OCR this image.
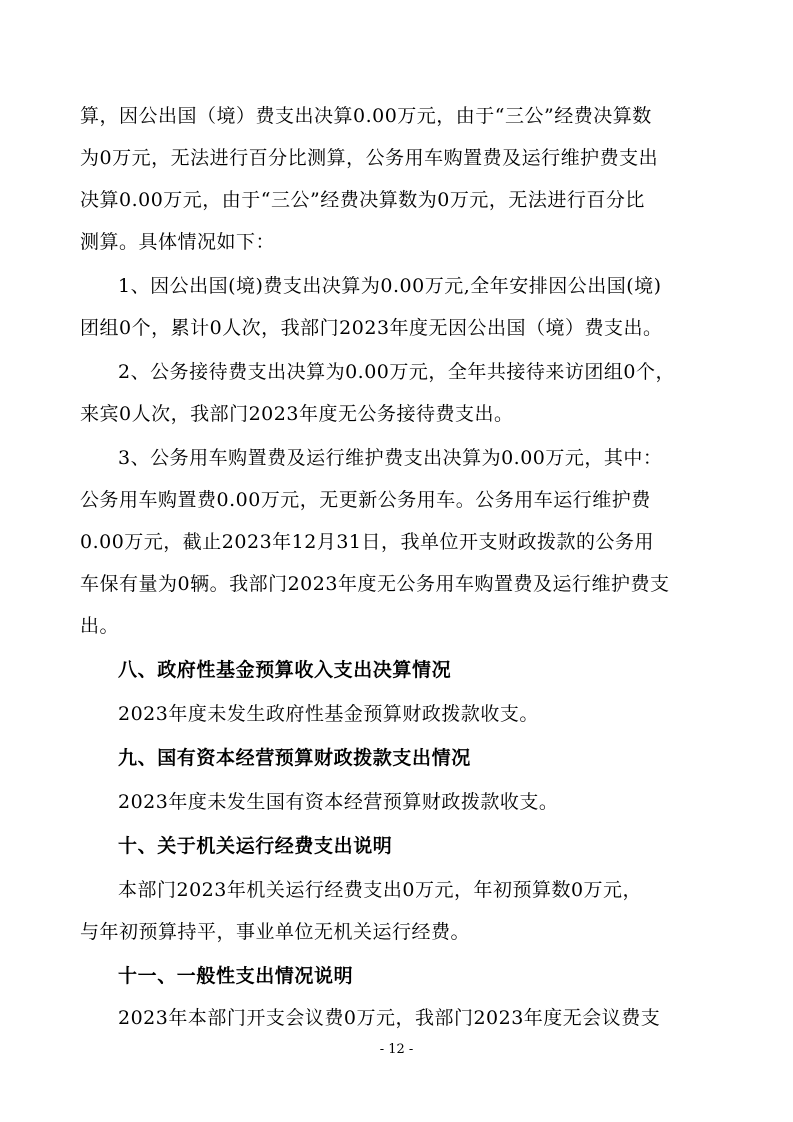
算，因公出国（境）费支出决算0.00万元，由于“三公”经费决算数
为0万元，无法进行百分比测算，公务用车购置费及运行维护费支出
决算0.00万元，由于“三公”经费决算数为0万元，无法进行百分比
测算。具体情况如下：
1、因公出国(境)费支出决算为0.00万元,全年安排因公出国(境)
团组0个，累计0人次，我部门2023年度无因公出国（境）费支出。
2、公务接待费支出决算为0.00万元，全年共接待来访团组0个，
来宾0人次，我部门2023年度无公务接待费支出。
3、公务用车购置费及运行维护费支出决算为0.00万元，其中：
公务用车购置费0.00万元，无更新公务用车。公务用车运行维护费
0.00万元，截止2023年12月31日，我单位开支财政拨款的公务用
车保有量为0辆。我部门2023年度无公务用车购置费及运行维护费支
出。
八、政府性基金预算收入支出决算情况
2023年度未发生政府性基金预算财政拨款收支。
九、国有资本经营预算财政拨款支出情况
2023年度未发生国有资本经营预算财政拨款收支。
十、关于机关运行经费支出说明
本部门2023年机关运行经费支出0万元，年初预算数0万元，
与年初预算持平，事业单位无机关运行经费。
十一、一般性支出情况说明
2023年本部门开支会议费0万元，我部门2023年度无会议费支
- 12 -
